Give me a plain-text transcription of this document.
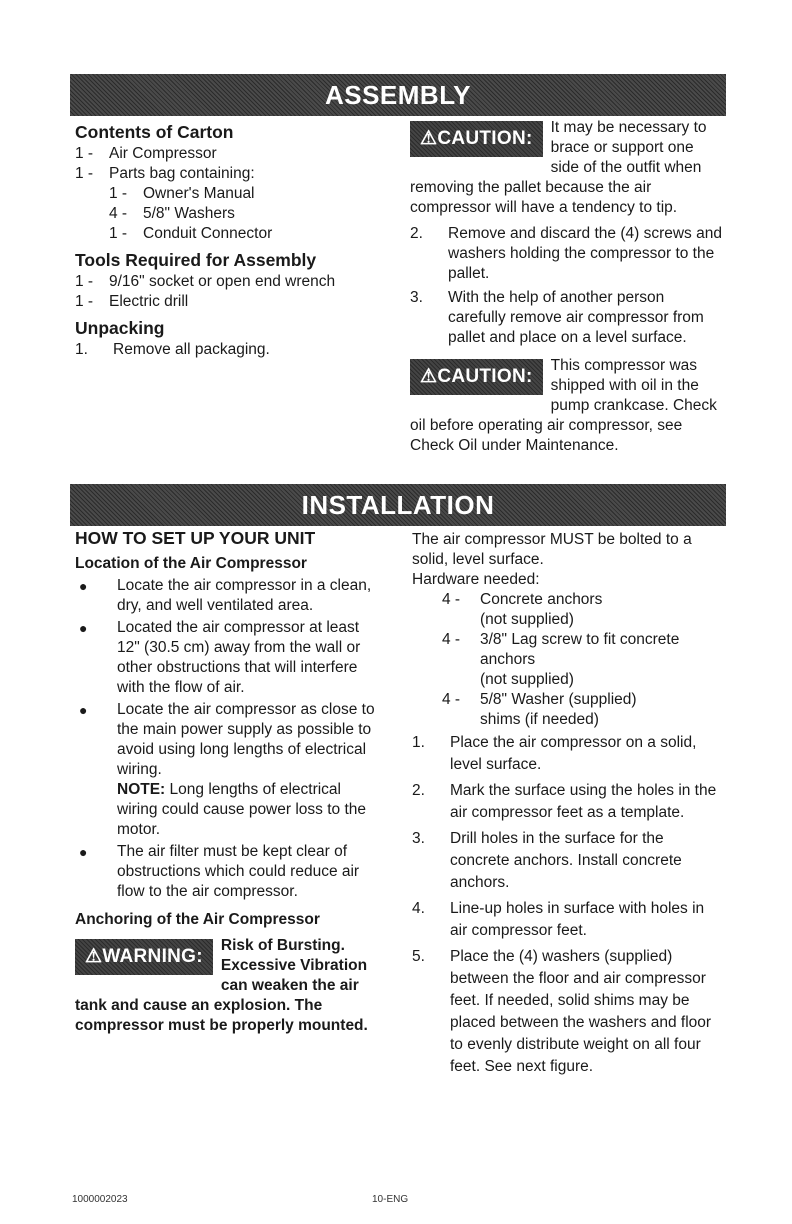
ASSEMBLY
Contents of Carton
1 -	Air Compressor
1 -	Parts bag containing:
1 -	Owner's Manual
4 -	5/8" Washers
1 -	Conduit Connector
Tools Required for Assembly
1 -	9/16" socket or open end wrench
1 -	Electric drill
Unpacking
1.	Remove all packaging.
⚠CAUTION:

It may be necessary to brace or support one side of the outfit when removing the pallet because the air compressor will have a tendency to tip.

2.	Remove and discard the (4) screws and washers holding the compressor to the pallet.
3.	With the help of another person carefully remove air compressor from pallet and place on a level surface.
⚠CAUTION:

This compressor was shipped with oil in the pump crankcase. Check oil before operating air compressor, see Check Oil under Maintenance.

INSTALLATION
HOW TO SET UP YOUR UNIT
Location of the Air Compressor
●	Locate the air compressor in a clean, dry, and well ventilated area.
●	Located the air compressor at least 12" (30.5 cm) away from the wall or other obstructions that will interfere with the flow of air.
●	Locate the air compressor as close to the main power supply as possible to avoid using long lengths of electrical wiring.
NOTE: Long lengths of electrical wiring could cause power loss to the motor.
●	The air filter must be kept clear of obstructions which could reduce air flow to the air compressor.
Anchoring of the Air Compressor
⚠WARNING:

Risk of Bursting. Excessive Vibration can weaken the air tank and cause an explosion. The compressor must be properly mounted.

The air compressor MUST be bolted to a solid, level surface.

Hardware needed:

4 -	Concrete anchors
(not supplied)
4 -	3/8" Lag screw to fit concrete anchors
(not supplied)
4 -	5/8" Washer (supplied)
shims (if needed)
1.	Place the air compressor on a solid, level surface.
2.	Mark the surface using the holes in the air compressor feet as a template.
3.	Drill holes in the surface for the concrete anchors. Install concrete anchors.
4.	Line-up holes in surface with holes in air compressor feet.
5.	Place the (4) washers (supplied) between the floor and air compressor feet. If needed, solid shims may be placed between the washers and floor to evenly distribute weight on all four feet. See next figure.
1000002023	10-ENG
